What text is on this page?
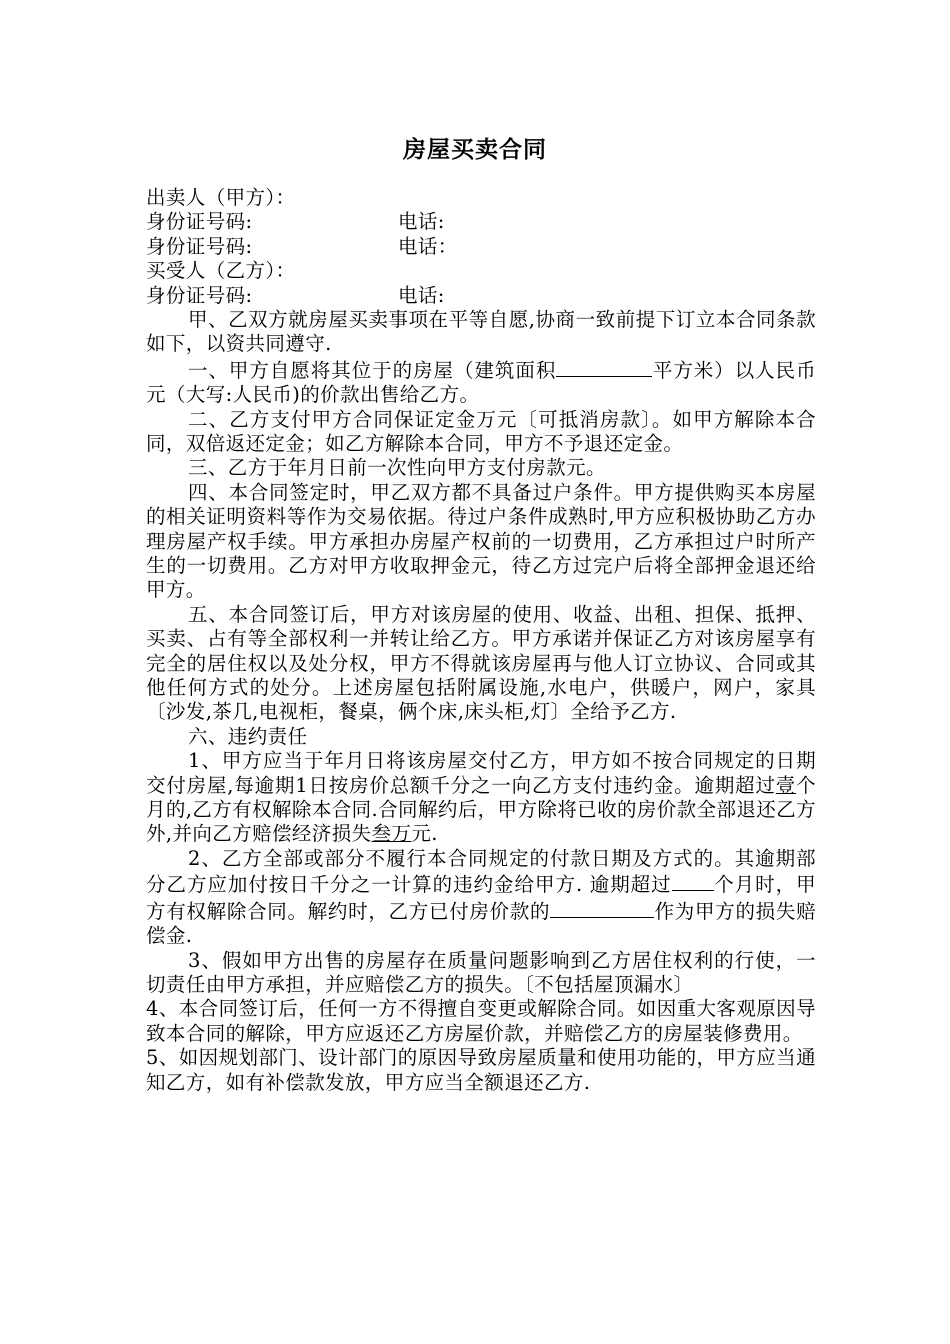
房屋买卖合同
出卖人（甲方）：
身份证号码:	电话:
身份证号码:	电话：
买受人（乙方）：
身份证号码:	电话:
甲、乙双方就房屋买卖事项在平等自愿,协商一致前提下订立本合同条款如下，以资共同遵守.
一、甲方自愿将其位于的房屋（建筑面积	平方米）以人民币元（大写:人民币)的价款出售给乙方。
二、乙方支付甲方合同保证定金万元〔可抵消房款〕。如甲方解除本合同，双倍返还定金；如乙方解除本合同，甲方不予退还定金。
三、乙方于年月日前一次性向甲方支付房款元。
四、本合同签定时，甲乙双方都不具备过户条件。甲方提供购买本房屋的相关证明资料等作为交易依据。待过户条件成熟时,甲方应积极协助乙方办理房屋产权手续。甲方承担办房屋产权前的一切费用，乙方承担过户时所产生的一切费用。乙方对甲方收取押金元，待乙方过完户后将全部押金退还给甲方。
五、本合同签订后，甲方对该房屋的使用、收益、出租、担保、抵押、买卖、占有等全部权利一并转让给乙方。甲方承诺并保证乙方对该房屋享有完全的居住权以及处分权，甲方不得就该房屋再与他人订立协议、合同或其他任何方式的处分。上述房屋包括附属设施,水电户，供暖户，网户，家具〔沙发,茶几,电视柜，餐桌，俩个床,床头柜,灯〕全给予乙方.
六、违约责任
1、甲方应当于年月日将该房屋交付乙方，甲方如不按合同规定的日期交付房屋,每逾期1日按房价总额千分之一向乙方支付违约金。逾期超过壹个月的,乙方有权解除本合同.合同解约后，甲方除将已收的房价款全部退还乙方外,并向乙方赔偿经济损失叁万元.
2、乙方全部或部分不履行本合同规定的付款日期及方式的。其逾期部分乙方应加付按日千分之一计算的违约金给甲方. 逾期超过 个月时，甲方有权解除合同。解约时，乙方已付房价款的	作为甲方的损失赔偿金.
3、假如甲方出售的房屋存在质量问题影响到乙方居住权利的行使，一切责任由甲方承担，并应赔偿乙方的损失。〔不包括屋顶漏水〕
4、本合同签订后，任何一方不得擅自变更或解除合同。如因重大客观原因导致本合同的解除，甲方应返还乙方房屋价款，并赔偿乙方的房屋装修费用。
5、如因规划部门、设计部门的原因导致房屋质量和使用功能的，甲方应当通知乙方，如有补偿款发放，甲方应当全额退还乙方.
